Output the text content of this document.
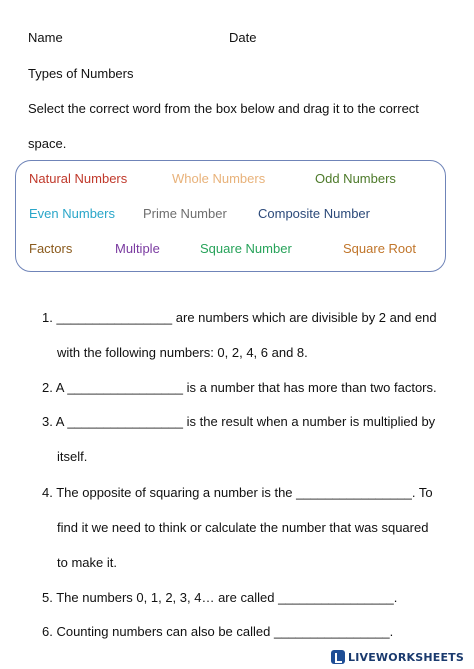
Name	Date
Types of Numbers
Select the correct word from the box below and drag it to the correct
space.
Natural Numbers	Whole Numbers	Odd Numbers
Even Numbers Prime Number Composite Number
Factors	Multiple	Square Number	Square Root
1. ________________ are numbers which are divisible by 2 and end
with the following numbers: 0, 2, 4, 6 and 8.
2. A ________________ is a number that has more than two factors.
3. A ________________ is the result when a number is multiplied by
itself.
4. The opposite of squaring a number is the ________________. To
find it we need to think or calculate the number that was squared
to make it.
5. The numbers 0, 1, 2, 3, 4… are called ________________.
6. Counting numbers can also be called ________________.
LIVEWORKSHEETS
